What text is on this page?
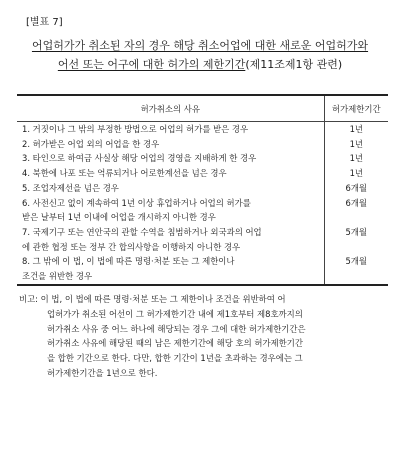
[별표 7]
어업허가가 취소된 자의 경우 해당 취소어업에 대한 새로운 어업허가와
어선 또는 어구에 대한 허가의 제한기간(제11조제1항 관련)
허가취소의 사유	허가제한기간

1. 거짓이나 그 밖의 부정한 방법으로 어업의 허가를 받은 경우	1년

2. 허가받은 어업 외의 어업을 한 경우	1년

3. 타인으로 하여금 사실상 해당 어업의 경영을 지배하게 한 경우	1년

4. 북한에 나포 또는 억류되거나 어로한계선을 넘은 경우	1년

5. 조업자제선을 넘은 경우	6개월

6. 사전신고 없이 계속하여 1년 이상 휴업하거나 어업의 허가를
받은 날부터 1년 이내에 어업을 개시하지 아니한 경우	6개월

7. 국제기구 또는 연안국의 관할 수역을 침범하거나 외국과의 어업
에 관한 협정 또는 정부 간 합의사항을 이행하지 아니한 경우	5개월

8. 그 밖에 이 법, 이 법에 따른 명령·처분 또는 그 제한이나
조건을 위반한 경우	5개월
비고: 이 법, 이 법에 따른 명령·처분 또는 그 제한이나 조건을 위반하여 어
업허가가 취소된 어선이 그 허가제한기간 내에 제1호부터 제8호까지의
허가취소 사유 중 어느 하나에 해당되는 경우 그에 대한 허가제한기간은
허가취소 사유에 해당된 때의 남은 제한기간에 해당 호의 허가제한기간
을 합한 기간으로 한다. 다만, 합한 기간이 1년을 초과하는 경우에는 그
허가제한기간을 1년으로 한다.
